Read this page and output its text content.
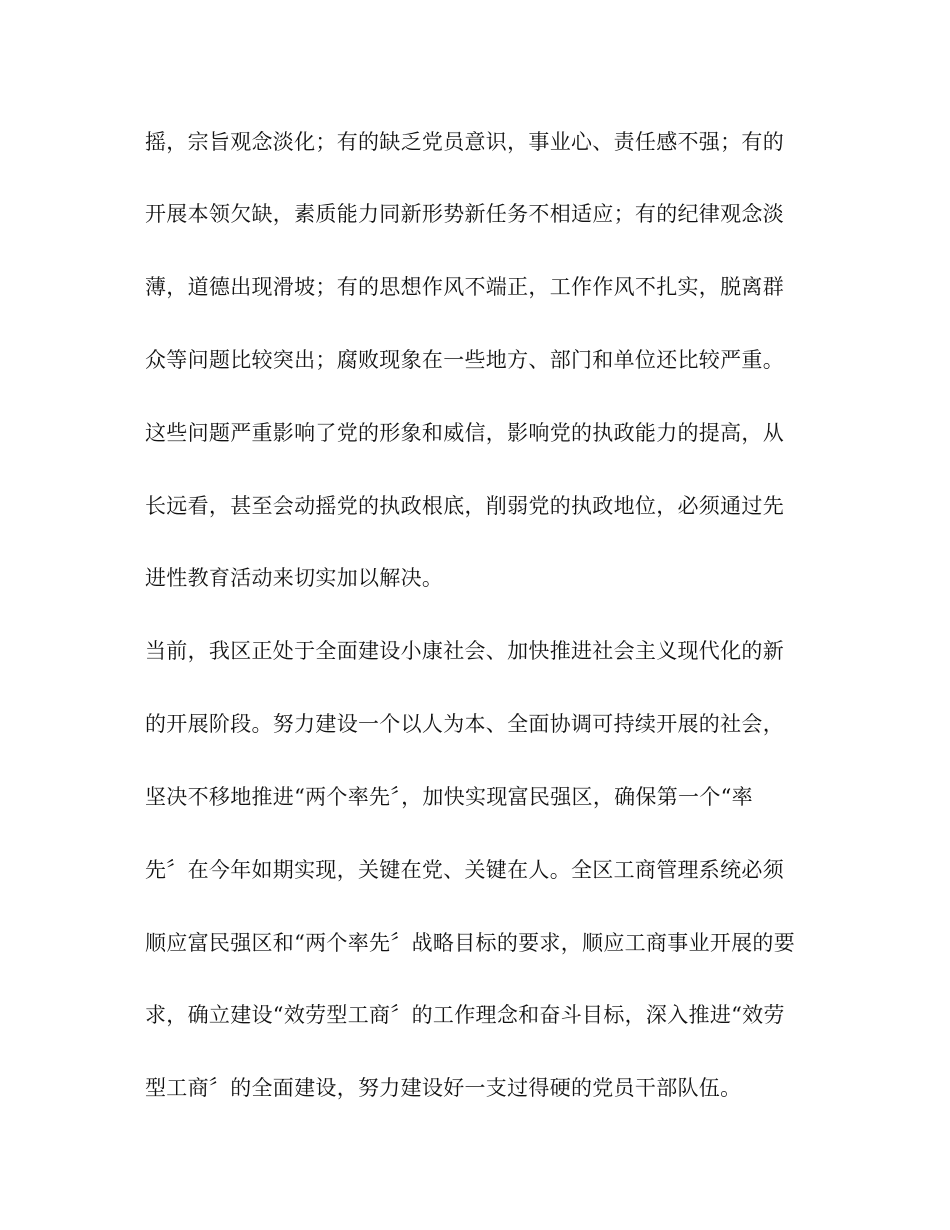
摇，宗旨观念淡化；有的缺乏党员意识，事业心、责任感不强；有的
开展本领欠缺，素质能力同新形势新任务不相适应；有的纪律观念淡
薄，道德出现滑坡；有的思想作风不端正，工作作风不扎实，脱离群
众等问题比较突出；腐败现象在一些地方、部门和单位还比较严重。
这些问题严重影响了党的形象和威信，影响党的执政能力的提高，从
长远看，甚至会动摇党的执政根底，削弱党的执政地位，必须通过先
进性教育活动来切实加以解决。
当前，我区正处于全面建设小康社会、加快推进社会主义现代化的新
的开展阶段。努力建设一个以人为本、全面协调可持续开展的社会，
坚决不移地推进“两个率先〞，加快实现富民强区，确保第一个“率
先〞在今年如期实现，关键在党、关键在人。全区工商管理系统必须
顺应富民强区和“两个率先〞战略目标的要求，顺应工商事业开展的要
求，确立建设“效劳型工商〞的工作理念和奋斗目标，深入推进“效劳
型工商〞的全面建设，努力建设好一支过得硬的党员干部队伍。
